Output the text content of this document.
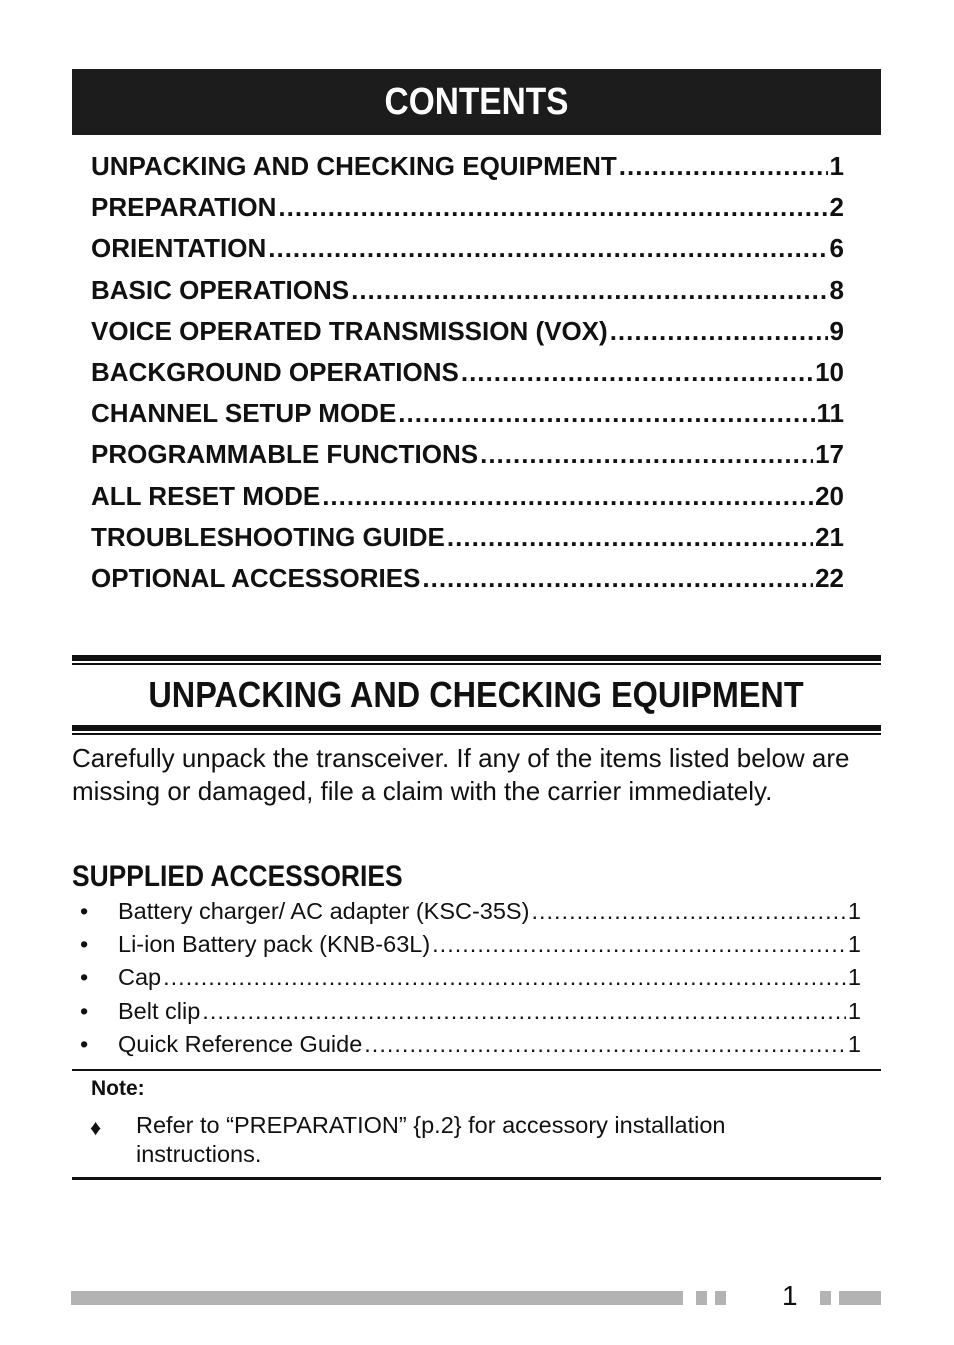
CONTENTS
UNPACKING AND CHECKING EQUIPMENT .....	1
PREPARATION .....	2
ORIENTATION .....	6
BASIC OPERATIONS .....	8
VOICE OPERATED TRANSMISSION (VOX) .....	9
BACKGROUND OPERATIONS .....	10
CHANNEL SETUP MODE .....	11
PROGRAMMABLE FUNCTIONS .....	17
ALL RESET MODE .....	20
TROUBLESHOOTING GUIDE .....	21
OPTIONAL ACCESSORIES .....	22
UNPACKING AND CHECKING EQUIPMENT
Carefully unpack the transceiver. If any of the items listed below are missing or damaged, file a claim with the carrier immediately.
SUPPLIED ACCESSORIES
•	Battery charger/ AC adapter (KSC-35S) .....	1
•	Li-ion Battery pack (KNB-63L) .....	1
•	Cap .....	1
•	Belt clip .....	1
•	Quick Reference Guide .....	1
Note:
♦ Refer to “PREPARATION” {p.2} for accessory installation instructions.
1
